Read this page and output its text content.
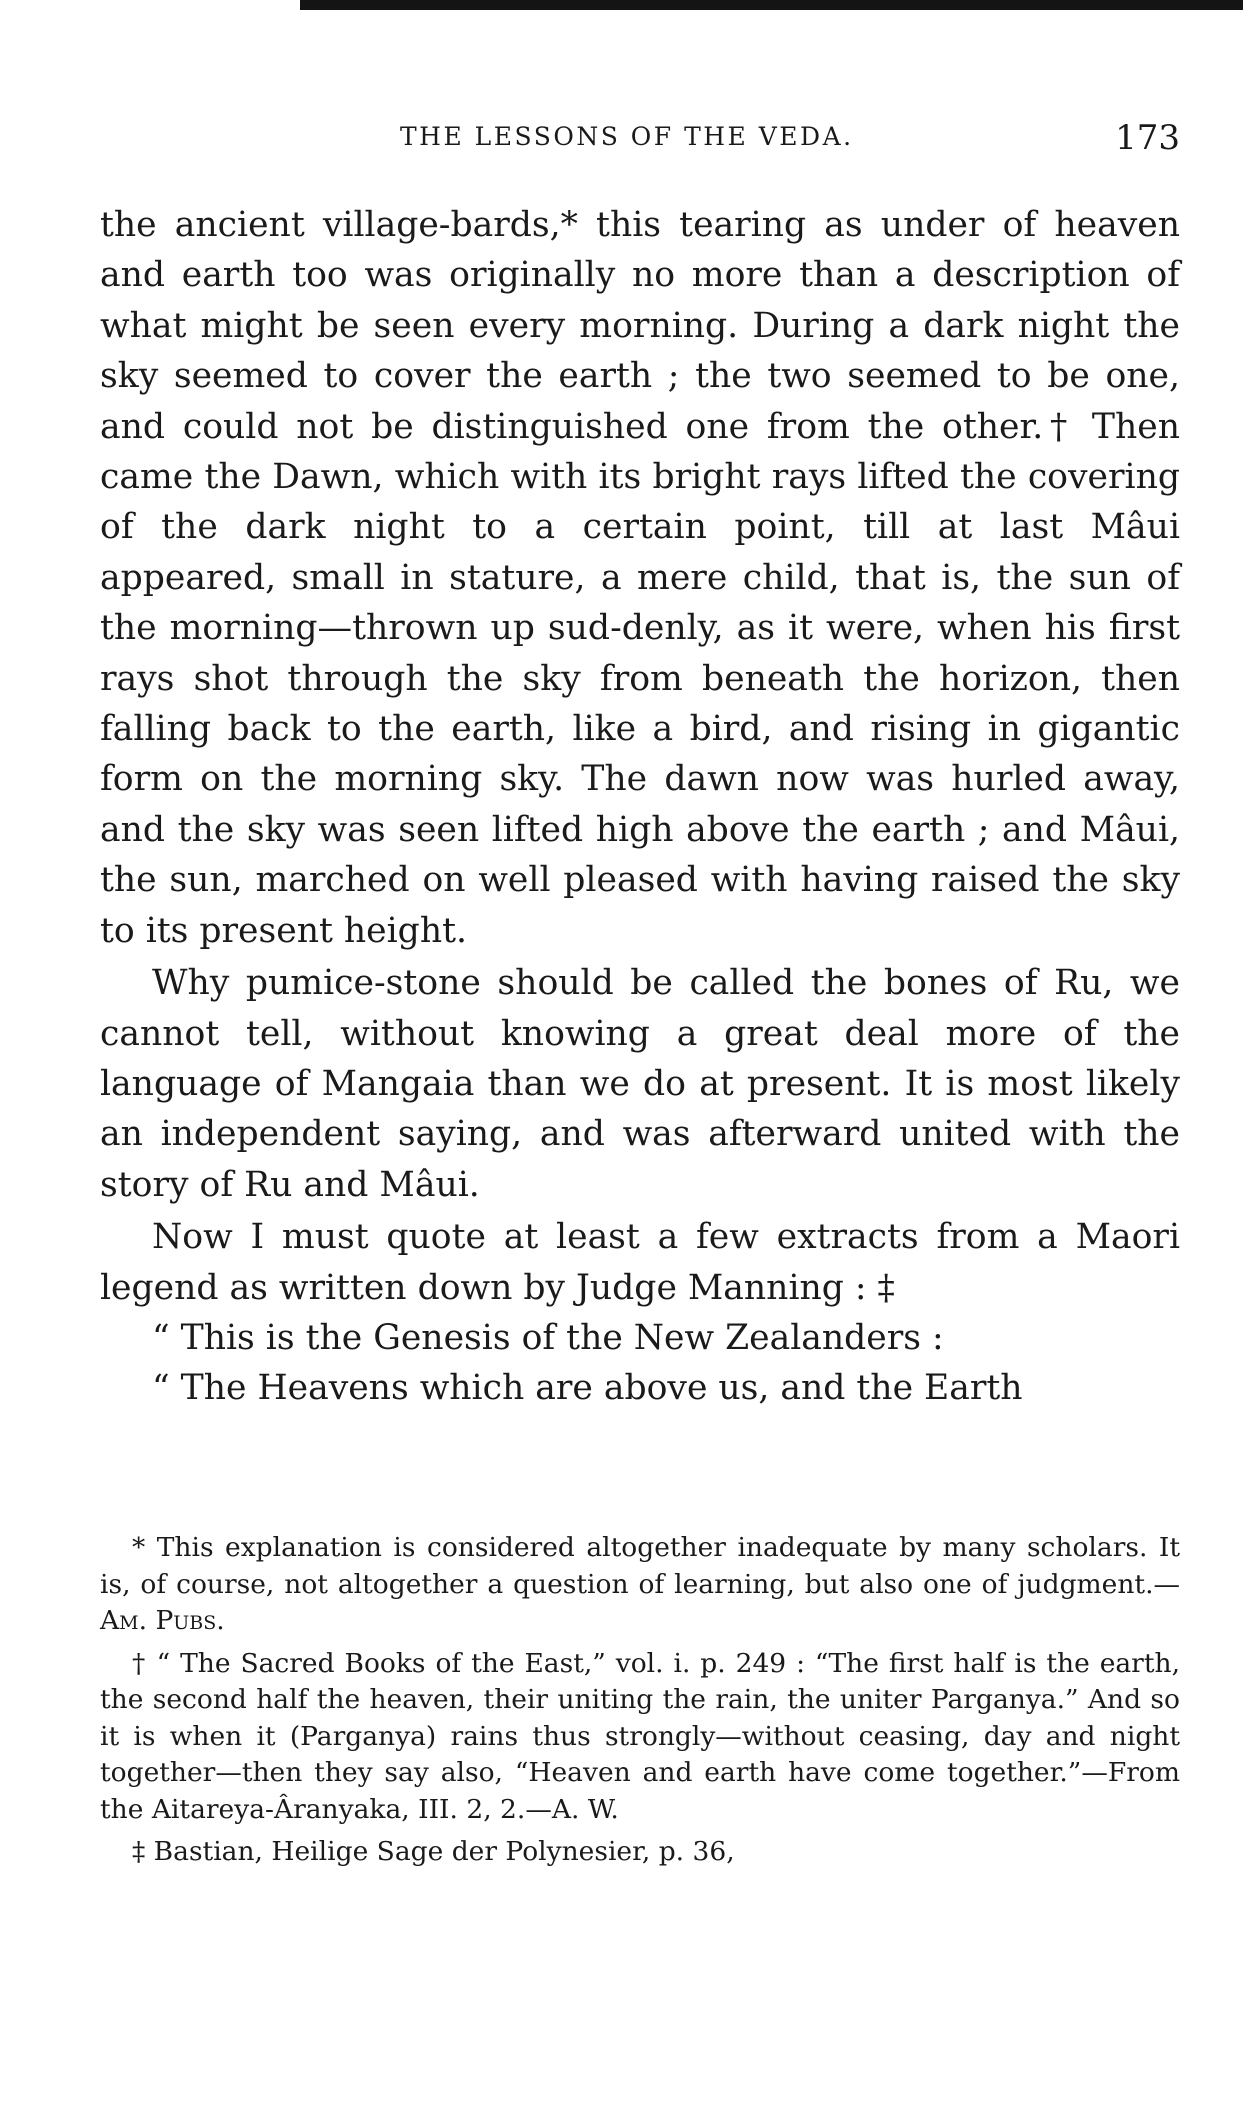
THE LESSONS OF THE VEDA.	173

the ancient village-bards,* this tearing as under of heaven and earth too was originally no more than a description of what might be seen every morning. During a dark night the sky seemed to cover the earth ; the two seemed to be one, and could not be distinguished one from the other.† Then came the Dawn, which with its bright rays lifted the covering of the dark night to a certain point, till at last Mâui appeared, small in stature, a mere child, that is, the sun of the morning—thrown up sud-denly, as it were, when his first rays shot through the sky from beneath the horizon, then falling back to the earth, like a bird, and rising in gigantic form on the morning sky. The dawn now was hurled away, and the sky was seen lifted high above the earth ; and Mâui, the sun, marched on well pleased with having raised the sky to its present height.

Why pumice-stone should be called the bones of Ru, we cannot tell, without knowing a great deal more of the language of Mangaia than we do at present. It is most likely an independent saying, and was afterward united with the story of Ru and Mâui.

Now I must quote at least a few extracts from a Maori legend as written down by Judge Manning : ‡

“ This is the Genesis of the New Zealanders :

“ The Heavens which are above us, and the Earth

* This explanation is considered altogether inadequate by many scholars. It is, of course, not altogether a question of learning, but also one of judgment.—Am. Pubs.

† “ The Sacred Books of the East,” vol. i. p. 249 : “The first half is the earth, the second half the heaven, their uniting the rain, the uniter Parganya.” And so it is when it (Parganya) rains thus strongly—without ceasing, day and night together—then they say also, “Heaven and earth have come together.”—From the Aitareya-Âranyaka, III. 2, 2.—A. W.

‡ Bastian, Heilige Sage der Polynesier, p. 36,
